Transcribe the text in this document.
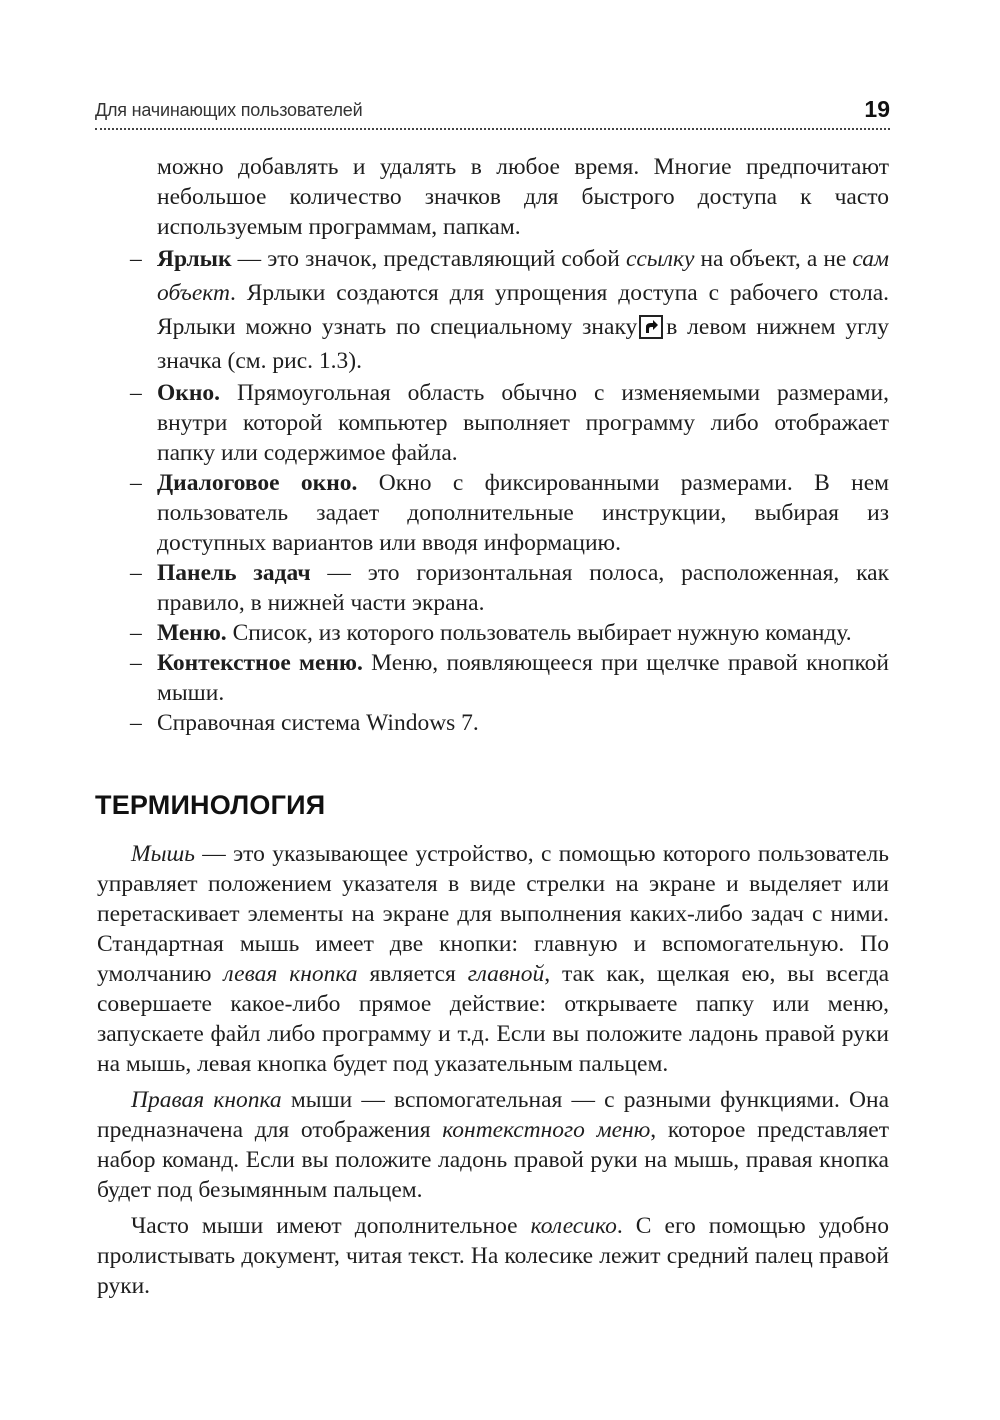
Для начинающих пользователей	19

можно добавлять и удалять в любое время. Многие предпочитают небольшое количество значков для быстрого доступа к часто используемым программам, папкам.

– Ярлык — это значок, представляющий собой ссылку на объект, а не сам объект. Ярлыки создаются для упрощения доступа с рабочего стола. Ярлыки можно узнать по специальному знаку в левом нижнем углу значка (см. рис. 1.3).
– Окно. Прямоугольная область обычно с изменяемыми размерами, внутри которой компьютер выполняет программу либо отображает папку или содержимое файла.
– Диалоговое окно. Окно с фиксированными размерами. В нем пользователь задает дополнительные инструкции, выбирая из доступных вариантов или вводя информацию.
– Панель задач — это горизонтальная полоса, расположенная, как правило, в нижней части экрана.
– Меню. Список, из которого пользователь выбирает нужную команду.
– Контекстное меню. Меню, появляющееся при щелчке правой кнопкой мыши.
– Справочная система Windows 7.
ТЕРМИНОЛОГИЯ

Мышь — это указывающее устройство, с помощью которого пользователь управляет положением указателя в виде стрелки на экране и выделяет или перетаскивает элементы на экране для выполнения каких-либо задач с ними. Стандартная мышь имеет две кнопки: главную и вспомогательную. По умолчанию левая кнопка является главной, так как, щелкая ею, вы всегда совершаете какое-либо прямое действие: открываете папку или меню, запускаете файл либо программу и т.д. Если вы положите ладонь правой руки на мышь, левая кнопка будет под указательным пальцем.

Правая кнопка мыши — вспомогательная — с разными функциями. Она предназначена для отображения контекстного меню, которое представляет набор команд. Если вы положите ладонь правой руки на мышь, правая кнопка будет под безымянным пальцем.

Часто мыши имеют дополнительное колесико. С его помощью удобно пролистывать документ, читая текст. На колесике лежит средний палец правой руки.
